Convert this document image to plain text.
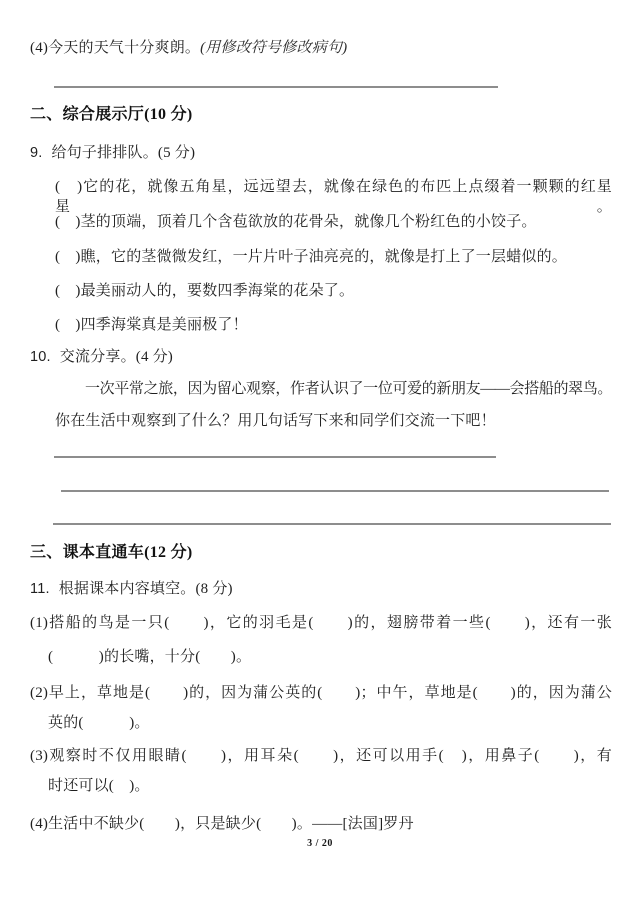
(4)今天的天气十分爽朗。(用修改符号修改病句)
二、综合展示厅(10 分)
9. 给句子排排队。(5 分)
(　)它的花，就像五角星，远远望去，就像在绿色的布匹上点缀着一颗颗的红星星。
(　)茎的顶端，顶着几个含苞欲放的花骨朵，就像几个粉红色的小饺子。
(　)瞧，它的茎微微发红，一片片叶子油亮亮的，就像是打上了一层蜡似的。
(　)最美丽动人的，要数四季海棠的花朵了。
(　)四季海棠真是美丽极了！
10. 交流分享。(4 分)
一次平常之旅，因为留心观察，作者认识了一位可爱的新朋友——会搭船的翠鸟。
你在生活中观察到了什么？用几句话写下来和同学们交流一下吧！
三、课本直通车(12 分)
11. 根据课本内容填空。(8 分)
(1)搭船的鸟是一只(　　)，它的羽毛是(　　)的，翅膀带着一些(　　)，还有一张
(　　　)的长嘴，十分(　　)。
(2)早上，草地是(　　)的，因为蒲公英的(　　)；中午，草地是(　　)的，因为蒲公
英的(　　　)。
(3)观察时不仅用眼睛(　　)，用耳朵(　　)，还可以用手(　)，用鼻子(　　)，有
时还可以(　)。
(4)生活中不缺少(　　)，只是缺少(　　)。——[法国]罗丹
3 / 20
